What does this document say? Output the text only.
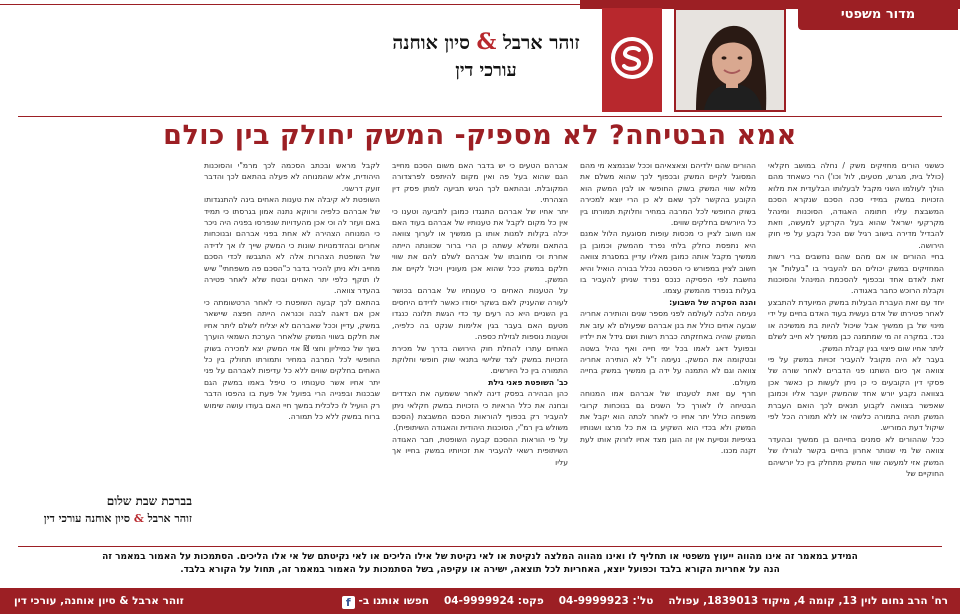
מדור משפטי
זוהר ארבל & סיון אוחנה
עורכי דין
אמא הבטיחה? לא מספיק- המשק יחולק בין כולם

כששני הורים מחזיקים משק / נחלה במושב חקלאי (כולל בית, מגרש, מטעים, לול וכו') הרי כשאחד מהם הולך לעולמו השני מקבל לבעלותו הבלעדית את מלוא הזכויות במשק במידי סכה הסכם שנקרא הסכם המשבצת עליו חתומה האגודה, הסוכנות ומינהל מקרקעי ישראל שהוא בעל הקרקע למעשה, וזאת להבדיל מדירה בישוב רגיל שם הכל נקבע על פי חוק הירושה.

בחיי ההורים או אם מהם שהם נחשבים ברי רשות המחזיקים במשק יכולים הם להעביר בו "בעלות" אך זאת לאדם אחד ובכפוף להסכמת המינהל והסוכנות וקבלת הרוכש כחבר באגודה.

יחד עם זאת העברת הבעלות במשק המיועדת להתבצע לאחר פטירתו של אדם נעשית בעוד האדם בחיים על ידי מינוי של בן ממשיך אבל שיכול להיות בת ממשיכה או נכד. במקרה זה מי שמתמנה כבן ממשיך לא חייב לשלם ליתר אחיו שום פיצוי בגין קבלת המשק.

בעבר לא היה מקובל להעביר זכויות במשק על פי צוואה אך כיום השתנו פני הדברים לאחר שורה של פסקי דין הקובעים כי כן ניתן לעשות כן כאשר אכן בצוואה נקבע יורש אחד שהמשק יועבר אליו וכמובן שאפשר בצוואה לקבוע תנאים לכך הואם העברת המשק תהיה בתמורה כלשהי או ללא תמורה הכל לפי שיקול דעת המוריש.

ככל שההורים לא סמנים בחייהם בן ממשיך ובהעדר צוואה של מי שנותר אחרון בחיים בקשר לגורלו של המשק אזי למעשה שווי המשק מתחלק בין כל יורשיהם החוקיים של

ההורים שהם ילדיהם וצאצאיהם וככל שבנמצא מי מהם המסוגל לקיים המשק ובכפוף לכך שהוא משלם את מלוא שווי המשק בשוק החופשי או לבין המשק הוא הקובע בהקשר לכך שאם לא כן הרי יוצא למכירה בשוק החופשי לכל המרבה במחיר וחלוקת תמורתו בין כל היורשים בחלקים שווים.

אנו חשוב לציין כי מכסות עופות מסוגעת הלול אמנם היא נתפסת כחלק בלתי נפרד מהמשק וכמובן בן ממשיך מקבל אותה כמובן מאליו עדיין במסגרת צוואה חשוב לציין במפורש כי הסכסה נכלל בבורה הואיל והיא נחשבת לפי הפסיקה כנכס נפרד שניתן להעביר בו בעלות בנפרד מהמשק עצמו.

והנה הסקרה של השבוע:

נעימה הלכה לעולמה לפני מספר שנים והותירה אחריה שבעה אחים כולל את בנן אברהם שפעולם לא עזב את המשק שהיה באחזקתה כברת רשות ושם גידל את ילדיו ובפועל דאג לאמו בכל ימי חייה ואף נהיל בשטה ובטקומה את המשק. נעימה ז"ל לא הותירה אחריה צוואה וגם לא התמנה על ידה בן ממשיך במשק בחייה מעולם.

חרף עם זאת לטענתו של אברהם אמו המנוחה הבטיחה לו לאורך כל השנים גם בנוכחות קרובי משפחה כולל יתר אחיו כי לאחר לכתה הוא יקבל את המשק ולא בכדי הוא השקיע בו את כל מרצו ושנותיו בציפיות ונסיעת אין זה הוגן מצד אחיו לזרוק אותו לעת זקנה מכנו.

אברהם הטעים כי יש בדבר האם משום הסכם מחייב הגם שהוא בעל פה ואין מקום להיתפס לפרצדורה המקובלת. ובהתאם לכך הגיש תביעה למתן פסק דין הצהרתי.

יתר אחיו של אברהם התנגדו כמובן לתביעה וטענו כי אין כל מקום לקבל את טענותיו של אברהם בעוד האם יכלה בקלות למנות אותו בן ממשיך או לערוך צוואה בהתאם ומשלא עשתה כן הרי ברור שכוונתה הייתה אחרת וכי מחובתו של אברהם לשלם להם את שווי חלקם במשק ככל שהוא אכן מעוניין ויכול לקיים את המשק.

על הטענות האחים כי טענותיו של אברהם בכושר לעורה שהעניק לאם בשקר יסודו כאשר לדידם היחסים בין השניים היא כה רעים עד כדי הגשת תלונה כנגדו מטעם האם בעבר בגין אלימות שנקט בה כלפיה, וטענות נוספות לגזילת כספה.

האחים עתרו להחלת חוק הירושה בדרך של מכירת הזכויות במשק לצד שלישי בתנאי שוק חופשי וחלוקת התמורה בין כל היורשים.

כב' השופטת פאני גילת

כהן הבהירה בפסק דינה לאחר ששמעה את הצדדים ובחנה את כלל הראיות כי הזכויות במשק חקלאי ניתן להעביר רק בכפוף להוראות הסכם המשבצת (הסכם משולש בין רמ"י, הסוכנות היהודית והאגודה השיתופית).

על פי הוראות ההסכם קבעה השופטת, חבר האגודה השיתופית רשאי להעביר את זכויותיו במשק בחייו אך עליו

לקבל מראש ובכתב הסכמה לכך מרמ"י והסוכנות היהודית, אלא שהמנוחה לא פעלה בהתאם לכך והדבר זועק דרשני.

השופטת לא קיבלה את טענות האחים בינה להתנגדותו של אברהם כלפיה ורווקא נתנה אמון בגרסתו כי תמיד באם ועזר לה וכי אכן מהעדויות שנפרסו בפניה היה ניכר כי המנוחה הצהירה לא אחת בפני אברהם ובנוכחות אחרים ובהזדמנויות שונות כי המשק שייך לו אך לדידה של השופטת הצהרות אלה לא התגבשו לכדי הסכם מחייב ולא ניתן להכיר בדבר כ"הסכם פה משפחתי" שיש לו תוקף כלפי יתר האחים ובטח שלא לאחר פטירה בהעדר צוואה.

בהתאם לכך קבעה השופטת כי לאחר הרטשומתה כי אכן אם דאגה לבנה וכנראה הייתה חפצה שיישאר במשק, עדיין וככל שאברהם לא יצליח לשלם ליתר אחיו את חלקם בשווי המשק שלאחר הערכת השמאי הוערך בשך של כמיליון וחצי ₪ אזי המשק יצא למכירה בשוק החופשי לכל המרבה במחיר ותמורתו תחולק בין כל האחים בחלקים שווים ללא כל עדיפות לאברהם על פני יתר אחיו אשר טענותיו כי טיפל באמו במשק הגם שבכנות ובפנייה הרי בפועל אל פעת בו נהפסו הדבר רק הועיל לו כלכלית במשך חיי האם בעודו עושה שימוש ברוח במשק ללא כל תמורה.

בברכת שבת שלום
זוהר ארבל & סיון אוחנה עורכי דין
המידע במאמר זה אינו מהווה ייעוץ משפטי או תחליף לו ואינו מהווה המלצה לנקיטת או לאי נקיטת של אילו הליכים או לאי נקיטתם של אי אלו הליכים. הסתמכות על האמור במאמר זה
הנה על אחריות הקורא בלבד וכפועל יוצא, האחריות לכל תוצאה, ישירה או עקיפה, בשל הסתמכות על האמור במאמר זה, תחול על הקורא בלבד.
רח' הרב נחום לוין 13, קומה 4, מיקוד 1839013, עפולה   טל': 04-9999923   פקס: 04-9999924   חפשו אותנו ב- f
זוהר ארבל & סיון אוחנה, עורכי דין
